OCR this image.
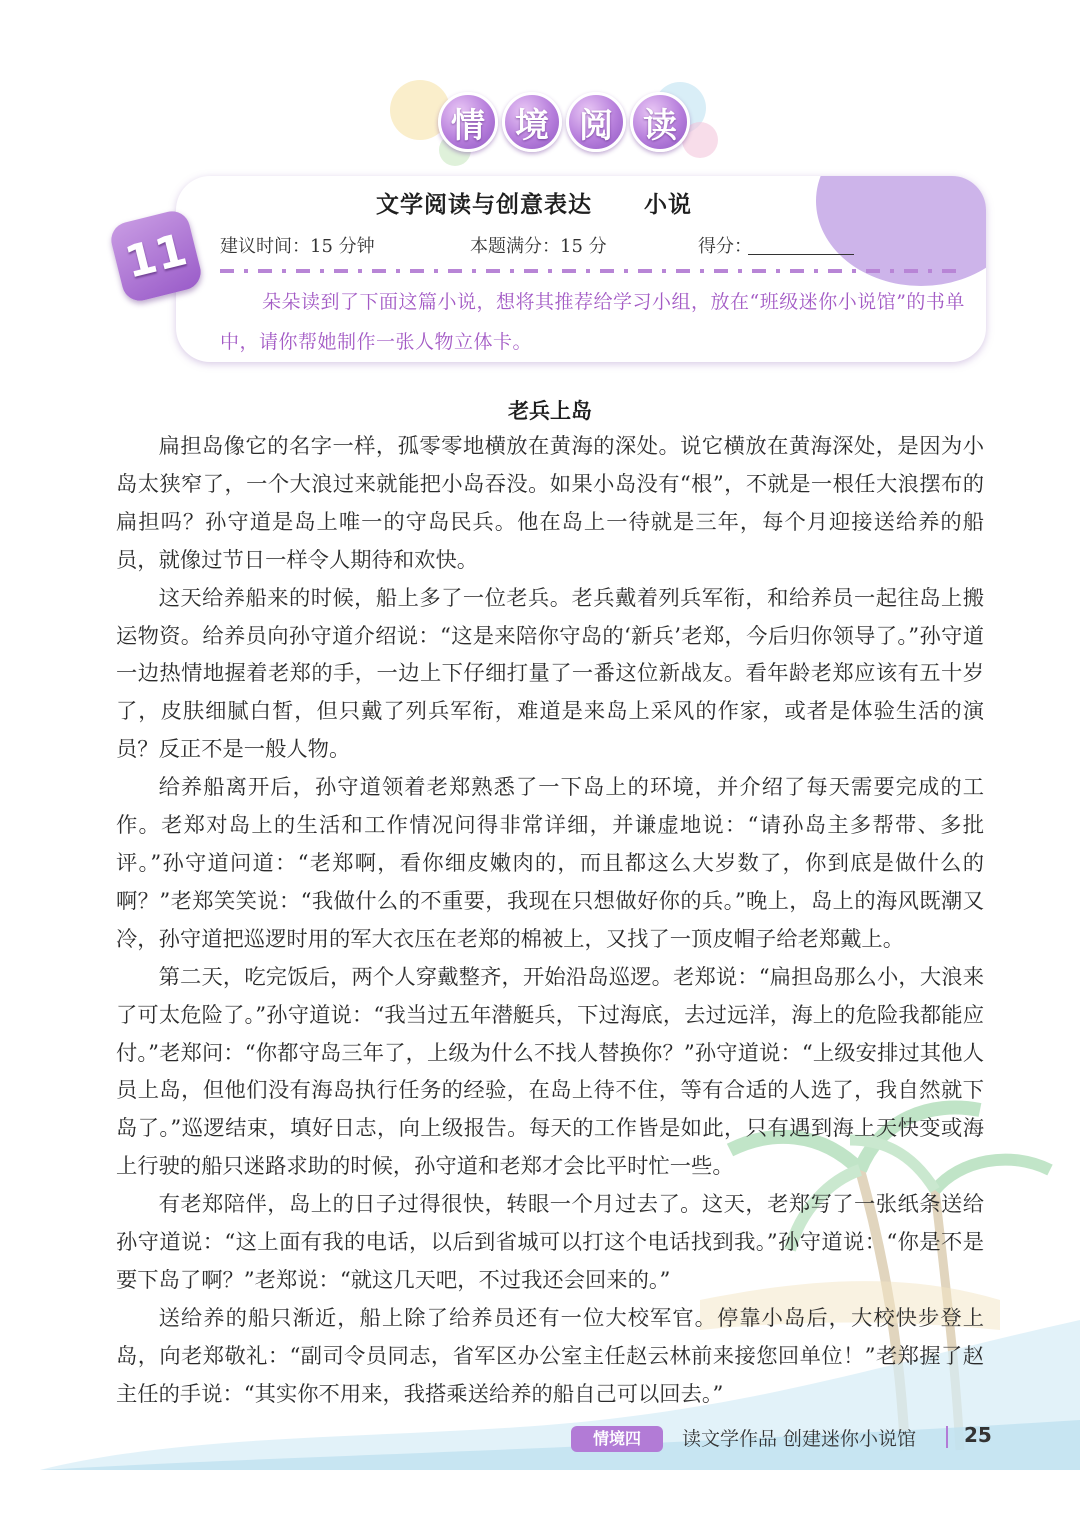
情 境 阅 读
文学阅读与创意表达 小说
建议时间：15 分钟	本题满分：15 分	得分：
朵朵读到了下面这篇小说，想将其推荐给学习小组，放在“班级迷你小说馆”的书单中，请你帮她制作一张人物立体卡。
11
老兵上岛

扁担岛像它的名字一样，孤零零地横放在黄海的深处。说它横放在黄海深处，是因为小岛太狭窄了，一个大浪过来就能把小岛吞没。如果小岛没有“根”，不就是一根任大浪摆布的扁担吗？孙守道是岛上唯一的守岛民兵。他在岛上一待就是三年，每个月迎接送给养的船员，就像过节日一样令人期待和欢快。

这天给养船来的时候，船上多了一位老兵。老兵戴着列兵军衔，和给养员一起往岛上搬运物资。给养员向孙守道介绍说：“这是来陪你守岛的‘新兵’老郑，今后归你领导了。”孙守道一边热情地握着老郑的手，一边上下仔细打量了一番这位新战友。看年龄老郑应该有五十岁了，皮肤细腻白皙，但只戴了列兵军衔，难道是来岛上采风的作家，或者是体验生活的演员？反正不是一般人物。

给养船离开后，孙守道领着老郑熟悉了一下岛上的环境，并介绍了每天需要完成的工作。老郑对岛上的生活和工作情况问得非常详细，并谦虚地说：“请孙岛主多帮带、多批评。”孙守道问道：“老郑啊，看你细皮嫩肉的，而且都这么大岁数了，你到底是做什么的啊？”老郑笑笑说：“我做什么的不重要，我现在只想做好你的兵。”晚上，岛上的海风既潮又冷，孙守道把巡逻时用的军大衣压在老郑的棉被上，又找了一顶皮帽子给老郑戴上。

第二天，吃完饭后，两个人穿戴整齐，开始沿岛巡逻。老郑说：“扁担岛那么小，大浪来了可太危险了。”孙守道说：“我当过五年潜艇兵，下过海底，去过远洋，海上的危险我都能应付。”老郑问：“你都守岛三年了，上级为什么不找人替换你？”孙守道说：“上级安排过其他人员上岛，但他们没有海岛执行任务的经验，在岛上待不住，等有合适的人选了，我自然就下岛了。”巡逻结束，填好日志，向上级报告。每天的工作皆是如此，只有遇到海上天快变或海上行驶的船只迷路求助的时候，孙守道和老郑才会比平时忙一些。

有老郑陪伴，岛上的日子过得很快，转眼一个月过去了。这天，老郑写了一张纸条送给孙守道说：“这上面有我的电话，以后到省城可以打这个电话找到我。”孙守道说：“你是不是要下岛了啊？”老郑说：“就这几天吧，不过我还会回来的。”

送给养的船只渐近，船上除了给养员还有一位大校军官。停靠小岛后，大校快步登上岛，向老郑敬礼：“副司令员同志，省军区办公室主任赵云林前来接您回单位！”老郑握了赵主任的手说：“其实你不用来，我搭乘送给养的船自己可以回去。”

情境四	读文学作品 创建迷你小说馆 25
